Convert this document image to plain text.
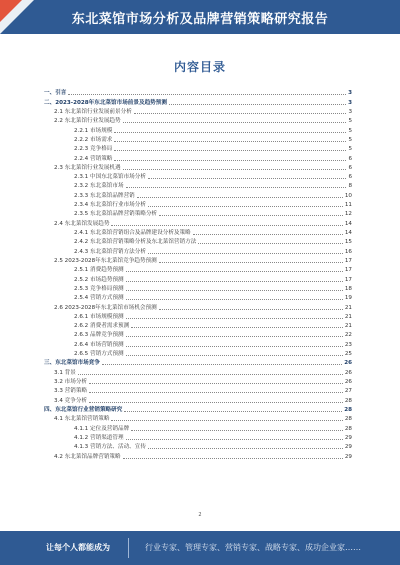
东北菜馆市场分析及品牌营销策略研究报告
内容目录
一、引言	3
二、2023-2028年东北菜馆市场前景及趋势预测	3
2.1 东北菜馆行业发展前景分析	3
2.2 东北菜馆行业发展趋势	5
2.2.1 市场规模	5
2.2.2 市场需求	5
2.2.3 竞争格局	5
2.2.4 营销策略	6
2.3 东北菜馆行业发展机遇	6
2.3.1 中国东北菜馆市场分析	6
2.3.2 东北菜馆市场	8
2.3.3 东北菜馆品牌营销	10
2.3.4 东北菜馆行业市场分析	11
2.3.5 东北菜馆品牌营销策略分析	12
2.4 东北菜馆发展趋势	14
2.4.1 东北菜馆营销组合及品牌建设分析及策略	14
2.4.2 东北菜馆营销策略分析及东北菜馆营销方法	15
2.4.3 东北菜馆营销方法分析	16
2.5 2023-2028年东北菜馆竞争趋势预测	17
2.5.1 消费趋势预测	17
2.5.2 市场趋势预测	17
2.5.3 竞争格局预测	18
2.5.4 营销方式预测	19
2.6 2023-2028年东北菜馆市场机会预测	21
2.6.1 市场规模预测	21
2.6.2 消费者需求预测	21
2.6.3 品牌竞争预测	22
2.6.4 市场营销预测	23
2.6.5 营销方式预测	25
三、东北菜馆市场竞争	26
3.1 背景	26
3.2 市场分析	26
3.3 营销策略	27
3.4 竞争分析	28
四、东北菜馆行业营销策略研究	28
4.1 东北菜馆营销策略	28
4.1.1 定位及营销品牌	28
4.1.2 营销渠道管理	29
4.1.3 营销方法、活动、宣传	29
4.2 东北菜馆品牌营销策略	29
2
让每个人都能成为	行业专家、管理专家、营销专家、战略专家、成功企业家……
